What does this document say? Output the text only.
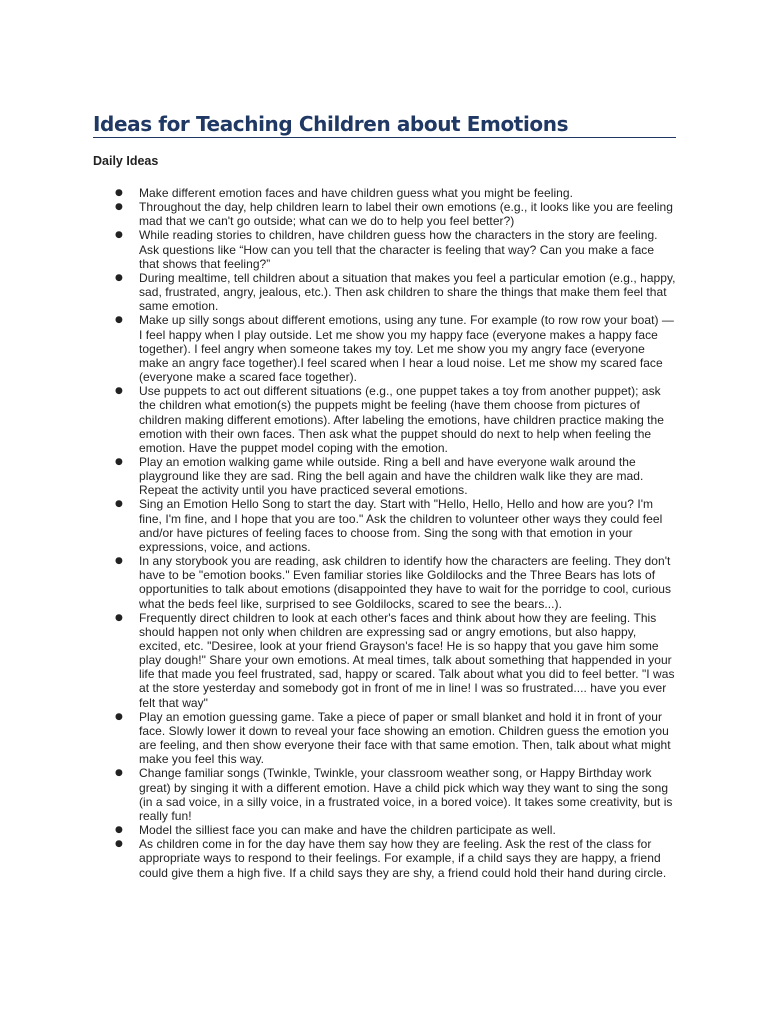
Ideas for Teaching Children about Emotions
Daily Ideas
● Make different emotion faces and have children guess what you might be feeling.
● Throughout the day, help children learn to label their own emotions (e.g., it looks like you are feeling mad that we can't go outside; what can we do to help you feel better?)
● While reading stories to children, have children guess how the characters in the story are feeling. Ask questions like “How can you tell that the character is feeling that way? Can you make a face that shows that feeling?”
● During mealtime, tell children about a situation that makes you feel a particular emotion (e.g., happy, sad, frustrated, angry, jealous, etc.). Then ask children to share the things that make them feel that same emotion.
● Make up silly songs about different emotions, using any tune. For example (to row row your boat) — I feel happy when I play outside. Let me show you my happy face (everyone makes a happy face together). I feel angry when someone takes my toy. Let me show you my angry face (everyone make an angry face together).I feel scared when I hear a loud noise. Let me show my scared face (everyone make a scared face together).
● Use puppets to act out different situations (e.g., one puppet takes a toy from another puppet); ask the children what emotion(s) the puppets might be feeling (have them choose from pictures of children making different emotions). After labeling the emotions, have children practice making the emotion with their own faces. Then ask what the puppet should do next to help when feeling the emotion. Have the puppet model coping with the emotion.
● Play an emotion walking game while outside. Ring a bell and have everyone walk around the playground like they are sad. Ring the bell again and have the children walk like they are mad. Repeat the activity until you have practiced several emotions.
● Sing an Emotion Hello Song to start the day. Start with "Hello, Hello, Hello and how are you? I'm fine, I'm fine, and I hope that you are too." Ask the children to volunteer other ways they could feel and/or have pictures of feeling faces to choose from. Sing the song with that emotion in your expressions, voice, and actions.
● In any storybook you are reading, ask children to identify how the characters are feeling. They don't have to be "emotion books." Even familiar stories like Goldilocks and the Three Bears has lots of opportunities to talk about emotions (disappointed they have to wait for the porridge to cool, curious what the beds feel like, surprised to see Goldilocks, scared to see the bears...).
● Frequently direct children to look at each other's faces and think about how they are feeling. This should happen not only when children are expressing sad or angry emotions, but also happy, excited, etc. "Desiree, look at your friend Grayson's face! He is so happy that you gave him some play dough!" Share your own emotions. At meal times, talk about something that happended in your life that made you feel frustrated, sad, happy or scared. Talk about what you did to feel better. "I was at the store yesterday and somebody got in front of me in line! I was so frustrated.... have you ever felt that way"
● Play an emotion guessing game. Take a piece of paper or small blanket and hold it in front of your face. Slowly lower it down to reveal your face showing an emotion. Children guess the emotion you are feeling, and then show everyone their face with that same emotion. Then, talk about what might make you feel this way.
● Change familiar songs (Twinkle, Twinkle, your classroom weather song, or Happy Birthday work great) by singing it with a different emotion. Have a child pick which way they want to sing the song (in a sad voice, in a silly voice, in a frustrated voice, in a bored voice). It takes some creativity, but is really fun!
● Model the silliest face you can make and have the children participate as well.
● As children come in for the day have them say how they are feeling. Ask the rest of the class for appropriate ways to respond to their feelings. For example, if a child says they are happy, a friend could give them a high five. If a child says they are shy, a friend could hold their hand during circle.
